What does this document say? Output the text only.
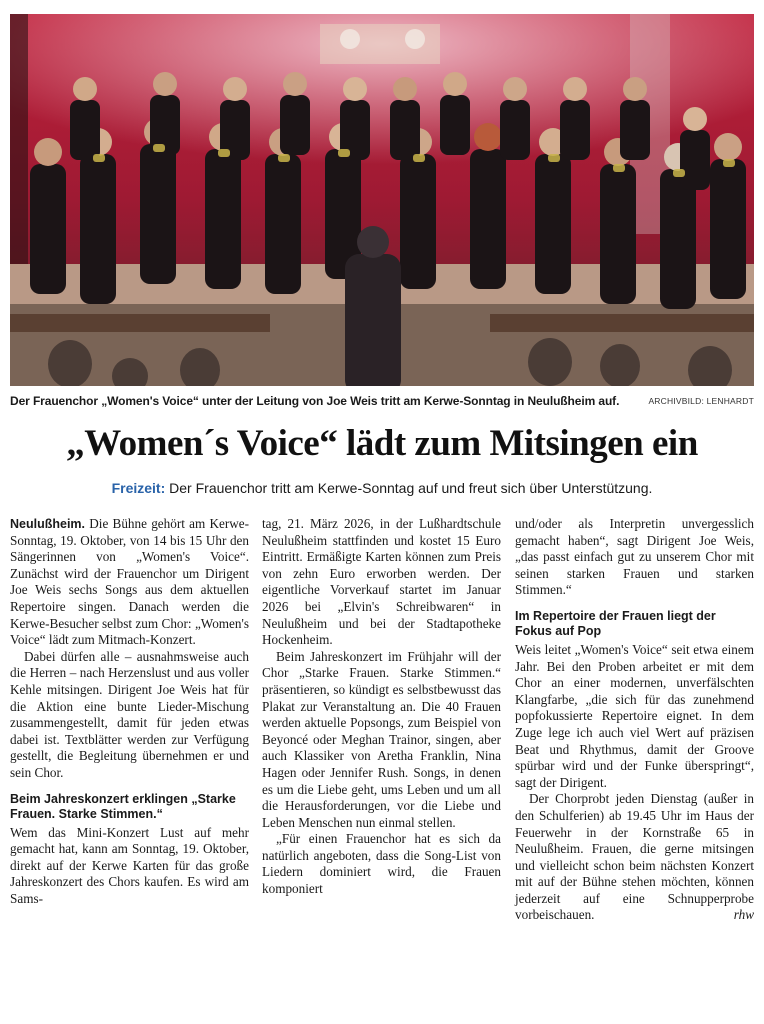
Der Frauenchor „Women's Voice“ unter der Leitung von Joe Weis tritt am Kerwe-Sonntag in Neulußheim auf.	ARCHIVBILD: LENHARDT
„Women´s Voice“ lädt zum Mitsingen ein
Freizeit: Der Frauenchor tritt am Kerwe-Sonntag auf und freut sich über Unterstützung.

Neulußheim. Die Bühne gehört am Kerwe-Sonntag, 19. Oktober, von 14 bis 15 Uhr den Sängerinnen von „Women's Voice“. Zunächst wird der Frauenchor um Dirigent Joe Weis sechs Songs aus dem aktuellen Repertoire singen. Danach werden die Kerwe-Besucher selbst zum Chor: „Women's Voice“ lädt zum Mitmach-Konzert.

Dabei dürfen alle – ausnahmsweise auch die Herren – nach Herzenslust und aus voller Kehle mitsingen. Dirigent Joe Weis hat für die Aktion eine bunte Lieder-Mischung zusammengestellt, damit für jeden etwas dabei ist. Textblätter werden zur Verfügung gestellt, die Begleitung übernehmen er und sein Chor.

Beim Jahreskonzert erklingen „Starke Frauen. Starke Stimmen.“

Wem das Mini-Konzert Lust auf mehr gemacht hat, kann am Sonntag, 19. Oktober, direkt auf der Kerwe Karten für das große Jahreskonzert des Chors kaufen. Es wird am Sams-

tag, 21. März 2026, in der Lußhardtschule Neulußheim stattfinden und kostet 15 Euro Eintritt. Ermäßigte Karten können zum Preis von zehn Euro erworben werden. Der eigentliche Vorverkauf startet im Januar 2026 bei „Elvin's Schreibwaren“ in Neulußheim und bei der Stadtapotheke Hockenheim.

Beim Jahreskonzert im Frühjahr will der Chor „Starke Frauen. Starke Stimmen.“ präsentieren, so kündigt es selbstbewusst das Plakat zur Veranstaltung an. Die 40 Frauen werden aktuelle Popsongs, zum Beispiel von Beyoncé oder Meghan Trainor, singen, aber auch Klassiker von Aretha Franklin, Nina Hagen oder Jennifer Rush. Songs, in denen es um die Liebe geht, ums Leben und um all die Herausforderungen, vor die Liebe und Leben Menschen nun einmal stellen.

„Für einen Frauenchor hat es sich da natürlich angeboten, dass die Song-List von Liedern dominiert wird, die Frauen komponiert

und/oder als Interpretin unvergesslich gemacht haben“, sagt Dirigent Joe Weis, „das passt einfach gut zu unserem Chor mit seinen starken Frauen und starken Stimmen.“

Im Repertoire der Frauen liegt der Fokus auf Pop

Weis leitet „Women's Voice“ seit etwa einem Jahr. Bei den Proben arbeitet er mit dem Chor an einer modernen, unverfälschten Klangfarbe, „die sich für das zunehmend popfokussierte Repertoire eignet. In dem Zuge lege ich auch viel Wert auf präzisen Beat und Rhythmus, damit der Groove spürbar wird und der Funke überspringt“, sagt der Dirigent.

Der Chorprobt jeden Dienstag (außer in den Schulferien) ab 19.45 Uhr im Haus der Feuerwehr in der Kornstraße 65 in Neulußheim. Frauen, die gerne mitsingen und vielleicht schon beim nächsten Konzert mit auf der Bühne stehen möchten, können jederzeit auf eine Schnupperprobe vorbeischauen.	rhw
